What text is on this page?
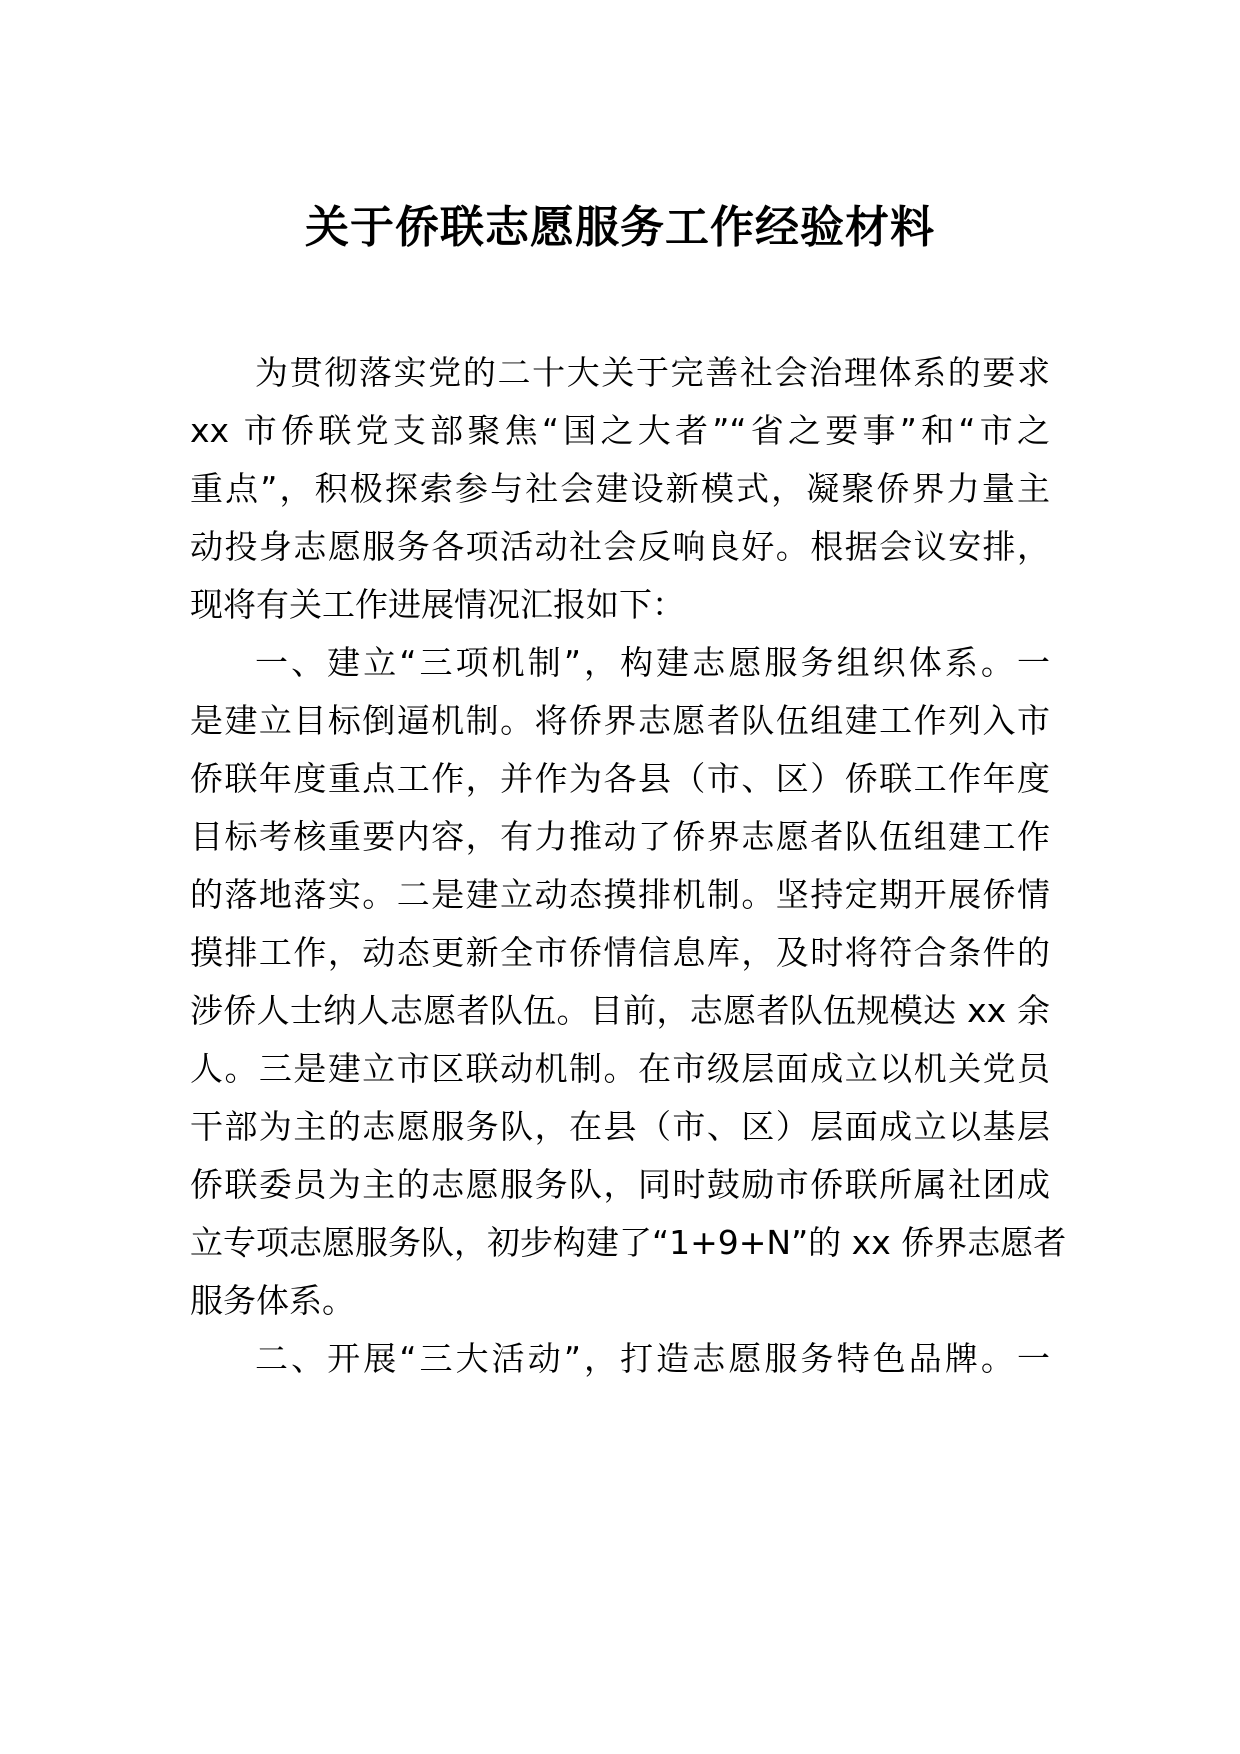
关于侨联志愿服务工作经验材料

为贯彻落实党的二十大关于完善社会治理体系的要求

xx 市侨联党支部聚焦“国之大者”“省之要事”和“市之

重点”，积极探索参与社会建设新模式，凝聚侨界力量主

动投身志愿服务各项活动社会反响良好。根据会议安排，

现将有关工作进展情况汇报如下：

一、建立“三项机制”，构建志愿服务组织体系。一

是建立目标倒逼机制。将侨界志愿者队伍组建工作列入市

侨联年度重点工作，并作为各县（市、区）侨联工作年度

目标考核重要内容，有力推动了侨界志愿者队伍组建工作

的落地落实。二是建立动态摸排机制。坚持定期开展侨情

摸排工作，动态更新全市侨情信息库，及时将符合条件的

涉侨人士纳人志愿者队伍。目前，志愿者队伍规模达 xx 余

人。三是建立市区联动机制。在市级层面成立以机关党员

干部为主的志愿服务队，在县（市、区）层面成立以基层

侨联委员为主的志愿服务队，同时鼓励市侨联所属社团成

立专项志愿服务队，初步构建了“1+9+N”的 xx 侨界志愿者

服务体系。

二、开展“三大活动”，打造志愿服务特色品牌。一
